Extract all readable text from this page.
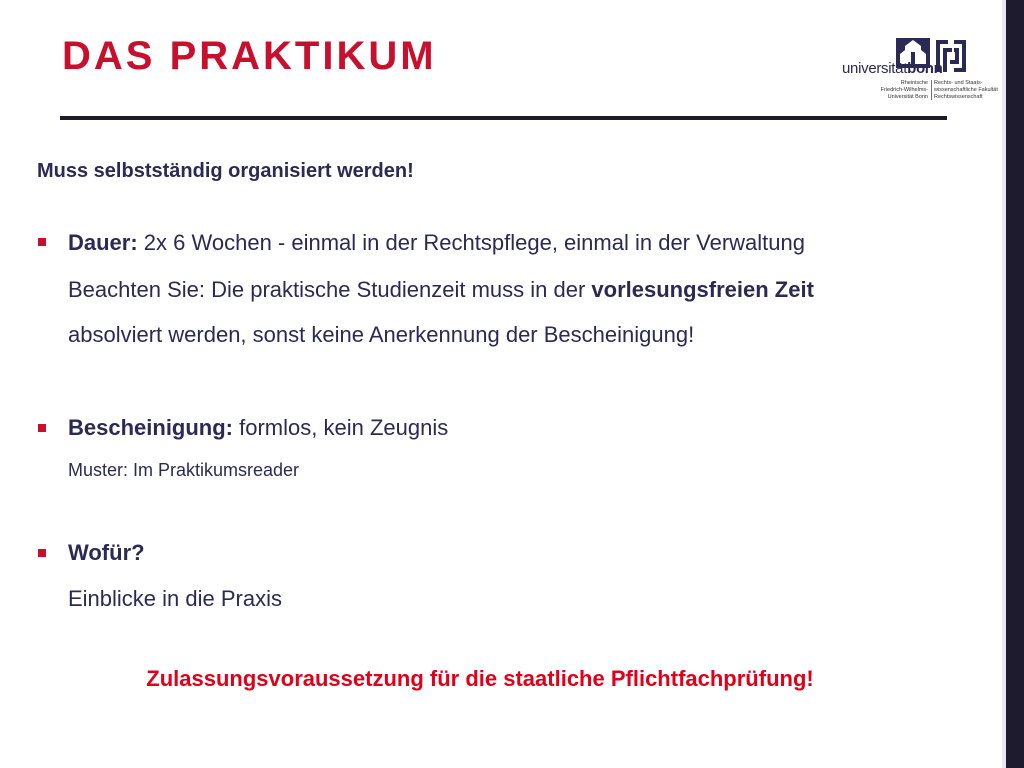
DAS PRAKTIKUM	universitätbonn
Rheinische
Friedrich-Wilhelms-
Universität Bonn
Rechts- und Staats-
wissenschaftliche Fakultät
Rechtswissenschaft
Muss selbstständig organisiert werden!
Dauer: 2x 6 Wochen - einmal in der Rechtspflege, einmal in der Verwaltung
Beachten Sie: Die praktische Studienzeit muss in der vorlesungsfreien Zeit
absolviert werden, sonst keine Anerkennung der Bescheinigung!
Bescheinigung: formlos, kein Zeugnis
Muster: Im Praktikumsreader
Wofür?
Einblicke in die Praxis
Zulassungsvoraussetzung für die staatliche Pflichtfachprüfung!
